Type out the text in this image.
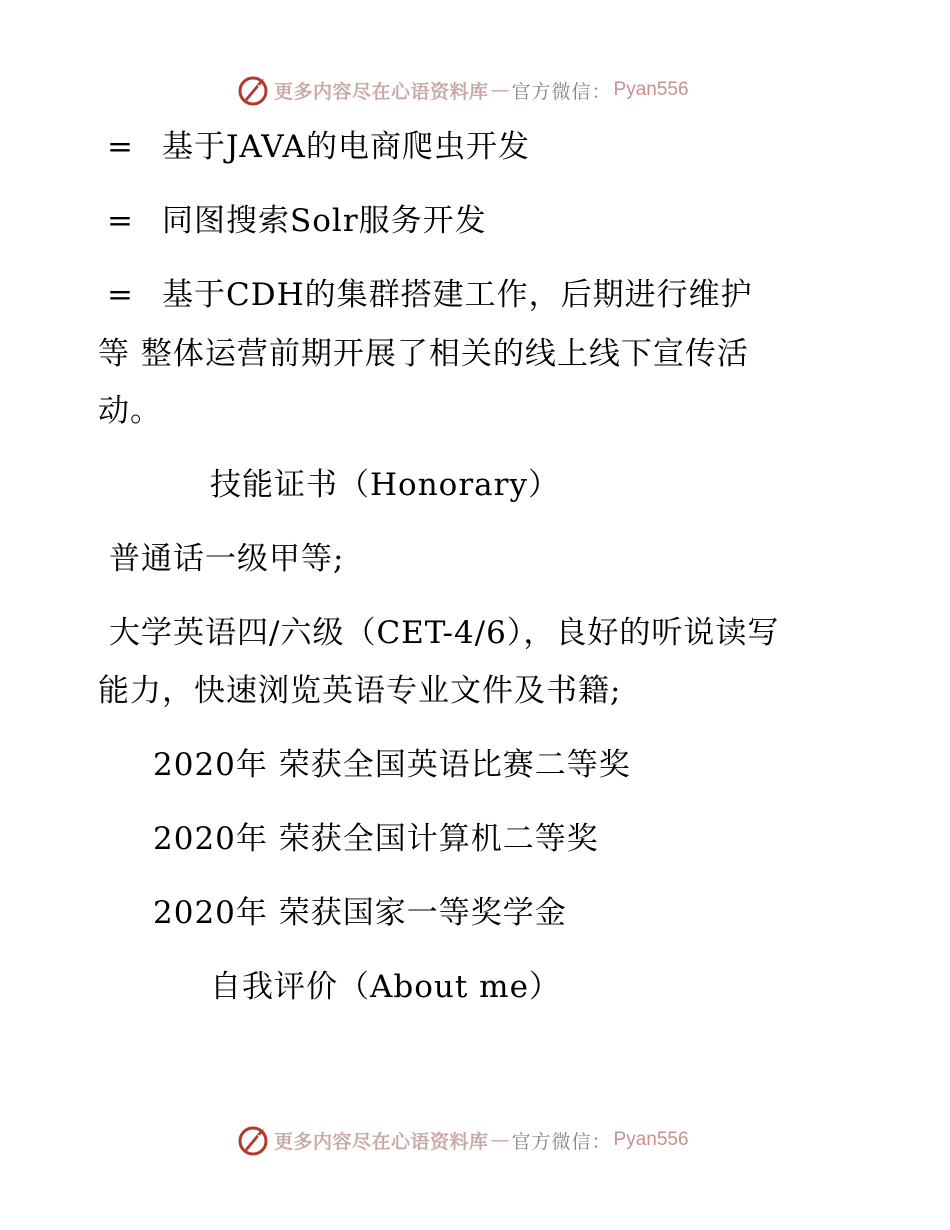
更多内容尽在心语资料库 — 官方微信： Pyan556
= 基于JAVA的电商爬虫开发
= 同图搜索Solr服务开发
= 基于CDH的集群搭建工作，后期进行维护
等 整体运营前期开展了相关的线上线下宣传活
动。
技能证书（Honorary）
普通话一级甲等;
大学英语四/六级（CET-4/6），良好的听说读写
能力，快速浏览英语专业文件及书籍;
2020年 荣获全国英语比赛二等奖
2020年 荣获全国计算机二等奖
2020年 荣获国家一等奖学金
自我评价（About me）
更多内容尽在心语资料库 — 官方微信： Pyan556
